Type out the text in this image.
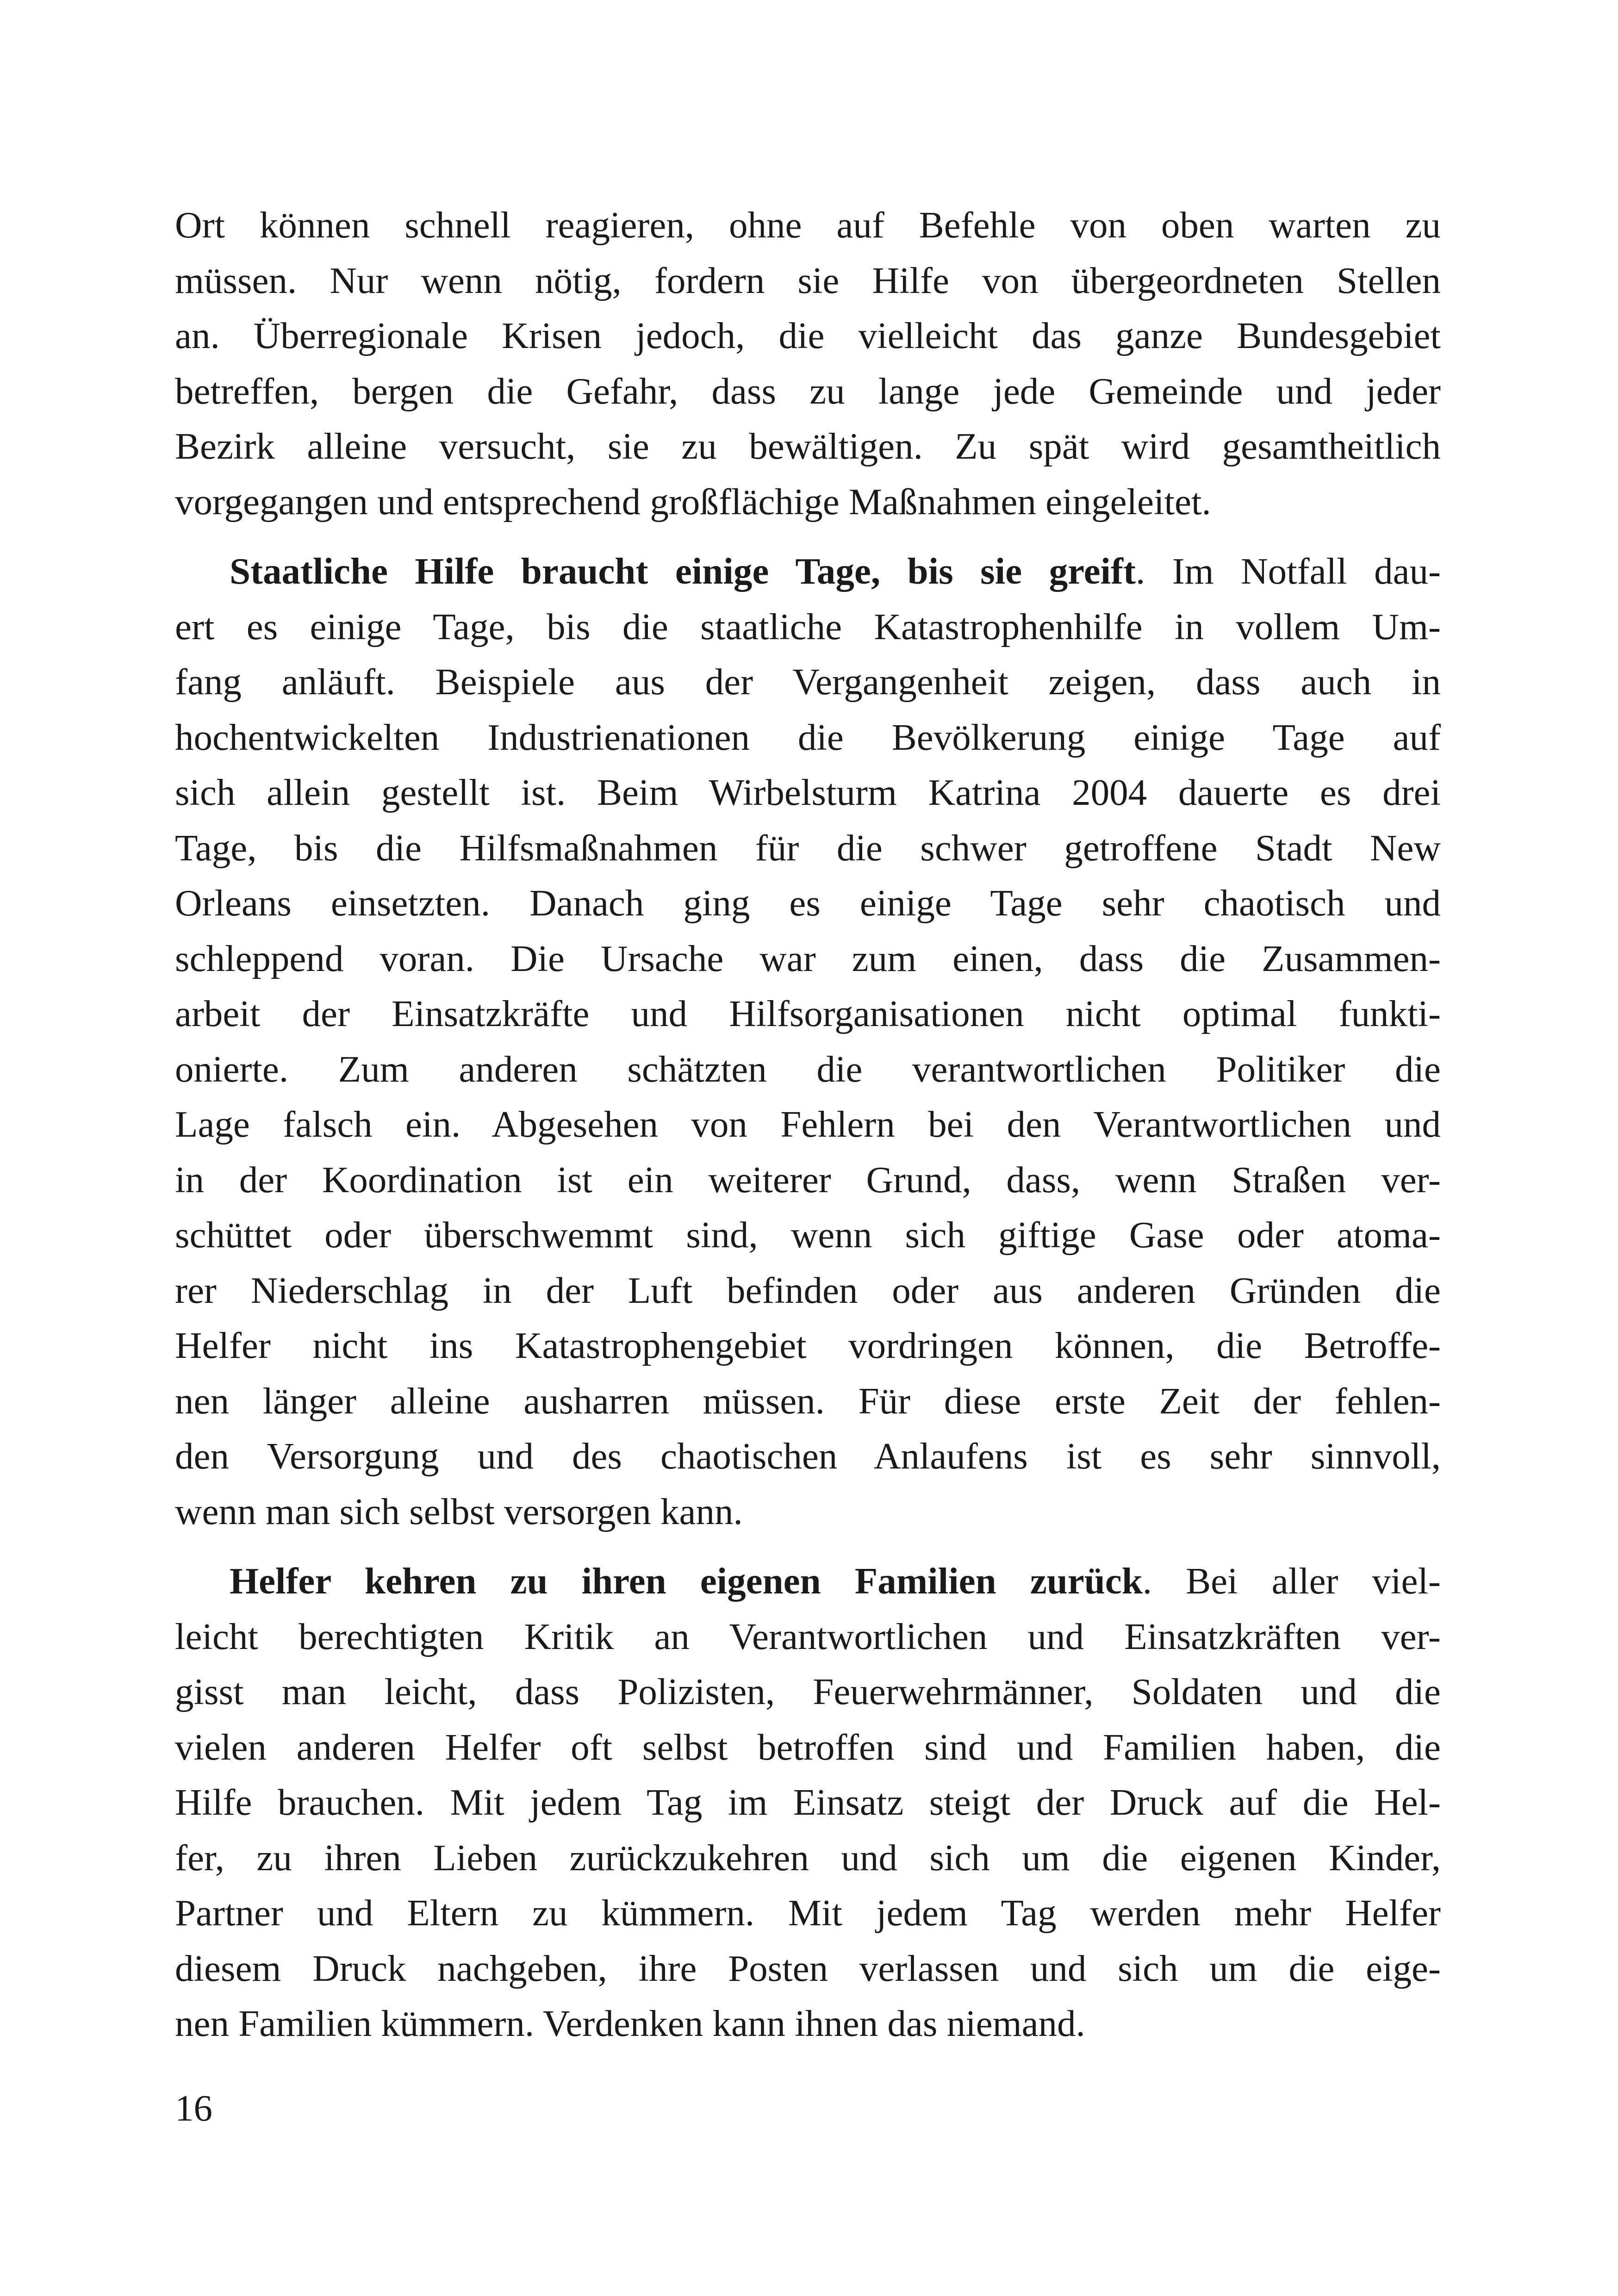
Ort können schnell reagieren, ohne auf Befehle von oben warten zu
müssen. Nur wenn nötig, fordern sie Hilfe von übergeordneten Stellen
an. Überregionale Krisen jedoch, die vielleicht das ganze Bundesgebiet
betreffen, bergen die Gefahr, dass zu lange jede Gemeinde und jeder
Bezirk alleine versucht, sie zu bewältigen. Zu spät wird gesamtheitlich
vorgegangen und entsprechend großflächige Maßnahmen eingeleitet.
Staatliche Hilfe braucht einige Tage, bis sie greift. Im Notfall dau-
ert es einige Tage, bis die staatliche Katastrophenhilfe in vollem Um-
fang anläuft. Beispiele aus der Vergangenheit zeigen, dass auch in
hochentwickelten Industrienationen die Bevölkerung einige Tage auf
sich allein gestellt ist. Beim Wirbelsturm Katrina 2004 dauerte es drei
Tage, bis die Hilfsmaßnahmen für die schwer getroffene Stadt New
Orleans einsetzten. Danach ging es einige Tage sehr chaotisch und
schleppend voran. Die Ursache war zum einen, dass die Zusammen-
arbeit der Einsatzkräfte und Hilfsorganisationen nicht optimal funkti-
onierte. Zum anderen schätzten die verantwortlichen Politiker die
Lage falsch ein. Abgesehen von Fehlern bei den Verantwortlichen und
in der Koordination ist ein weiterer Grund, dass, wenn Straßen ver-
schüttet oder überschwemmt sind, wenn sich giftige Gase oder atoma-
rer Niederschlag in der Luft befinden oder aus anderen Gründen die
Helfer nicht ins Katastrophengebiet vordringen können, die Betroffe-
nen länger alleine ausharren müssen. Für diese erste Zeit der fehlen-
den Versorgung und des chaotischen Anlaufens ist es sehr sinnvoll,
wenn man sich selbst versorgen kann.
Helfer kehren zu ihren eigenen Familien zurück. Bei aller viel-
leicht berechtigten Kritik an Verantwortlichen und Einsatzkräften ver-
gisst man leicht, dass Polizisten, Feuerwehrmänner, Soldaten und die
vielen anderen Helfer oft selbst betroffen sind und Familien haben, die
Hilfe brauchen. Mit jedem Tag im Einsatz steigt der Druck auf die Hel-
fer, zu ihren Lieben zurückzukehren und sich um die eigenen Kinder,
Partner und Eltern zu kümmern. Mit jedem Tag werden mehr Helfer
diesem Druck nachgeben, ihre Posten verlassen und sich um die eige-
nen Familien kümmern. Verdenken kann ihnen das niemand.
16
